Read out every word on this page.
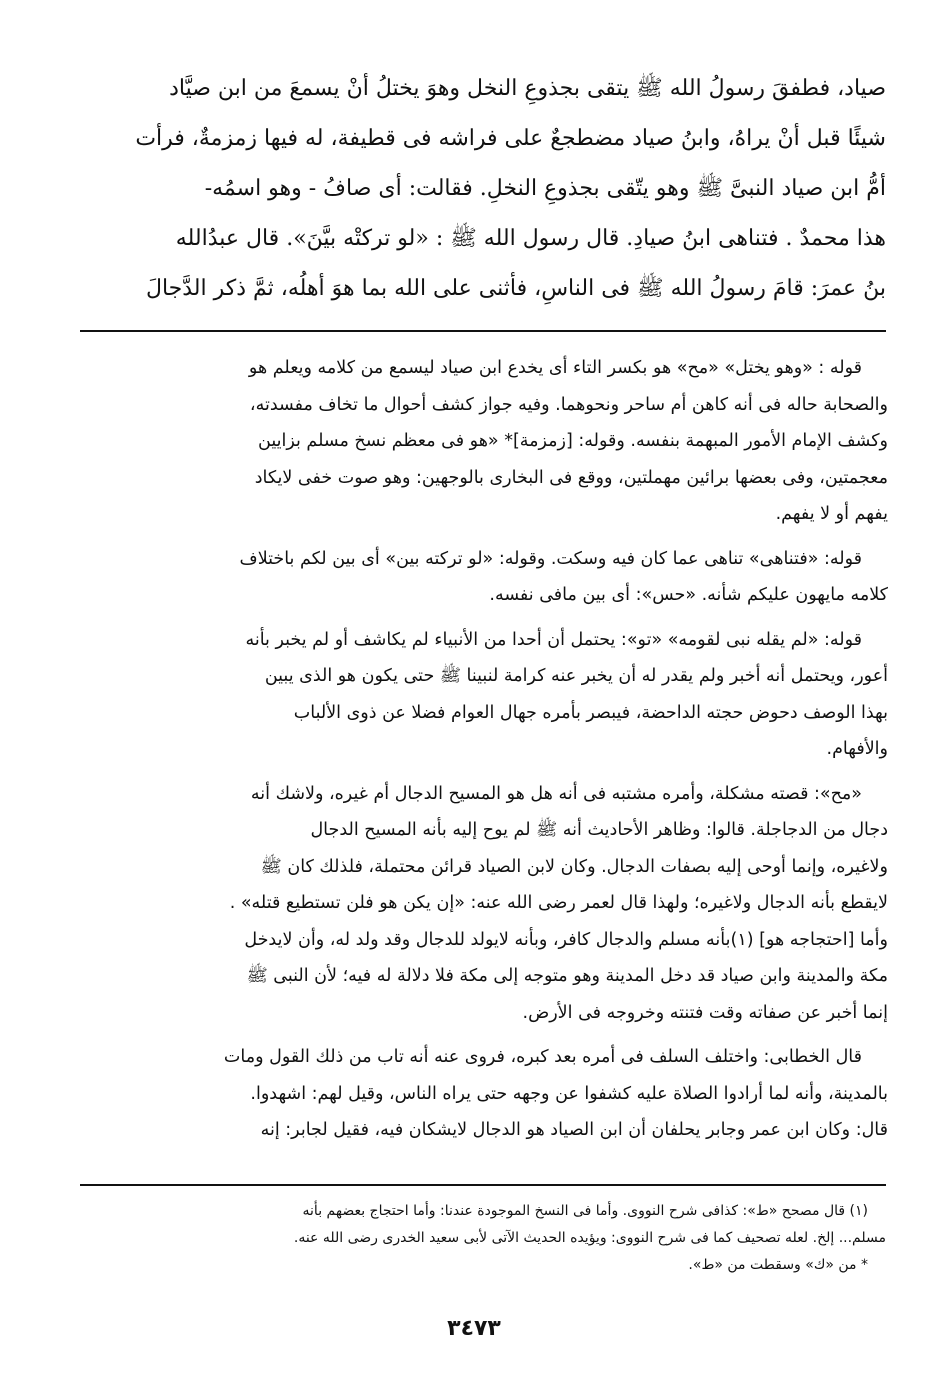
صياد، فطفقَ رسولُ الله ﷺ يتقى بجذوعِ النخل وهوَ يختلُ أنْ يسمعَ من ابن صيَّاد
شيئًا قبل أنْ يراهُ، وابنُ صياد مضطجعٌ على فراشه فى قطيفة، له فيها زمزمةٌ، فرأت
أمُّ ابن صياد النبىَّ ﷺ وهو يتّقى بجذوعِ النخلِ. فقالت: أى صافُ - وهو اسمُه-
هذا محمدٌ . فتناهى ابنُ صيادِ. قال رسول الله ﷺ : «لو تركتْه بيَّنَ». قال عبدُالله
بنُ عمرَ: قامَ رسولُ الله ﷺ فى الناسِ، فأثنى على الله بما هوَ أهلُه، ثمَّ ذكر الدَّجالَ
قوله : «وهو يختل» «مح» هو بكسر التاء أى يخدع ابن صياد ليسمع من كلامه ويعلم هو
والصحابة حاله فى أنه كاهن أم ساحر ونحوهما. وفيه جواز كشف أحوال ما تخاف مفسدته،
وكشف الإمام الأمور المبهمة بنفسه. وقوله: [زمزمة]* «هو فى معظم نسخ مسلم بزايين
معجمتين، وفى بعضها برائين مهملتين، ووقع فى البخارى بالوجهين: وهو صوت خفى لايكاد
يفهم أو لا يفهم.
قوله: «فتناهى» تناهى عما كان فيه وسكت. وقوله: «لو تركته بين» أى بين لكم باختلاف
كلامه مايهون عليكم شأنه. «حس»: أى بين مافى نفسه.
قوله: «لم يقله نبى لقومه» «تو»: يحتمل أن أحدا من الأنبياء لم يكاشف أو لم يخبر بأنه
أعور، ويحتمل أنه أخبر ولم يقدر له أن يخبر عنه كرامة لنبينا ﷺ حتى يكون هو الذى يبين
بهذا الوصف دحوض حجته الداحضة، فيبصر بأمره جهال العوام فضلا عن ذوى الألباب
والأفهام.
«مح»: قصته مشكلة، وأمره مشتبه فى أنه هل هو المسيح الدجال أم غيره، ولاشك أنه
دجال من الدجاجلة. قالوا: وظاهر الأحاديث أنه ﷺ لم يوح إليه بأنه المسيح الدجال
ولاغيره، وإنما أوحى إليه بصفات الدجال. وكان لابن الصياد قرائن محتملة، فلذلك كان ﷺ
لايقطع بأنه الدجال ولاغيره؛ ولهذا قال لعمر رضى الله عنه: «إن يكن هو فلن تستطيع قتله» .
وأما [احتجاجه هو] (١)بأنه مسلم والدجال كافر، وبأنه لايولد للدجال وقد ولد له، وأن لايدخل
مكة والمدينة وابن صياد قد دخل المدينة وهو متوجه إلى مكة فلا دلالة له فيه؛ لأن النبى ﷺ
إنما أخبر عن صفاته وقت فتنته وخروجه فى الأرض.
قال الخطابى: واختلف السلف فى أمره بعد كبره، فروى عنه أنه تاب من ذلك القول ومات
بالمدينة، وأنه لما أرادوا الصلاة عليه كشفوا عن وجهه حتى يراه الناس، وقيل لهم: اشهدوا.
قال: وكان ابن عمر وجابر يحلفان أن ابن الصياد هو الدجال لايشكان فيه، فقيل لجابر: إنه
(١) قال مصحح «ط»: كذافى شرح النووى. وأما فى النسخ الموجودة عندنا: وأما احتجاج بعضهم بأنه
مسلم... إلخ. لعله تصحيف كما فى شرح النووى: ويؤيده الحديث الآتى لأبى سعيد الخدرى رضى الله عنه.
* من «ك» وسقطت من «ط».
٣٤٧٣
